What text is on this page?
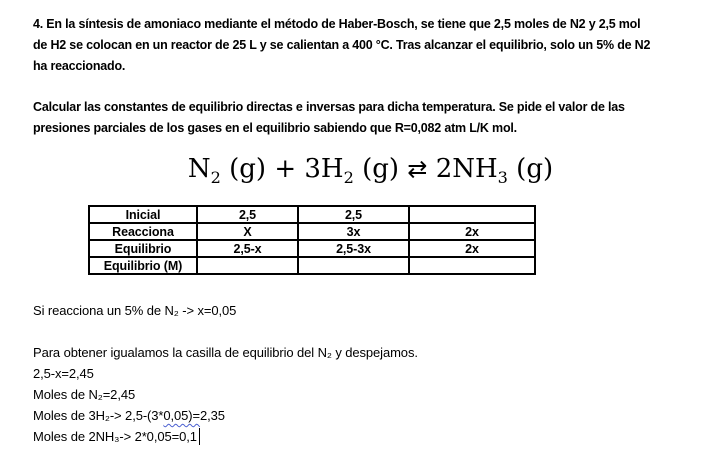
4. En la síntesis de amoniaco mediante el método de Haber-Bosch, se tiene que 2,5 moles de N2 y 2,5 mol
de H2 se colocan en un reactor de 25 L y se calientan a 400 °C. Tras alcanzar el equilibrio, solo un 5% de N2
ha reaccionado.
Calcular las constantes de equilibrio directas e inversas para dicha temperatura. Se pide el valor de las
presiones parciales de los gases en el equilibrio sabiendo que R=0,082 atm L/K mol.
$N_2$ $(g) + 3H_2$ (g) ⇄ $2NH_3$ (g)
Inicial	2,5	2,5	
Reacciona	X	3x	2x
Equilibrio	2,5-x	2,5-3x	2x
Equilibrio (M)			
Si reacciona un 5% de N₂ -> x=0,05
Para obtener igualamos la casilla de equilibrio del N₂ y despejamos.
2,5-x=2,45
Moles de N₂=2,45
Moles de 3H₂-> 2,5-(3*0,05)=2,35
Moles de 2NH₃-> 2*0,05=0,1
